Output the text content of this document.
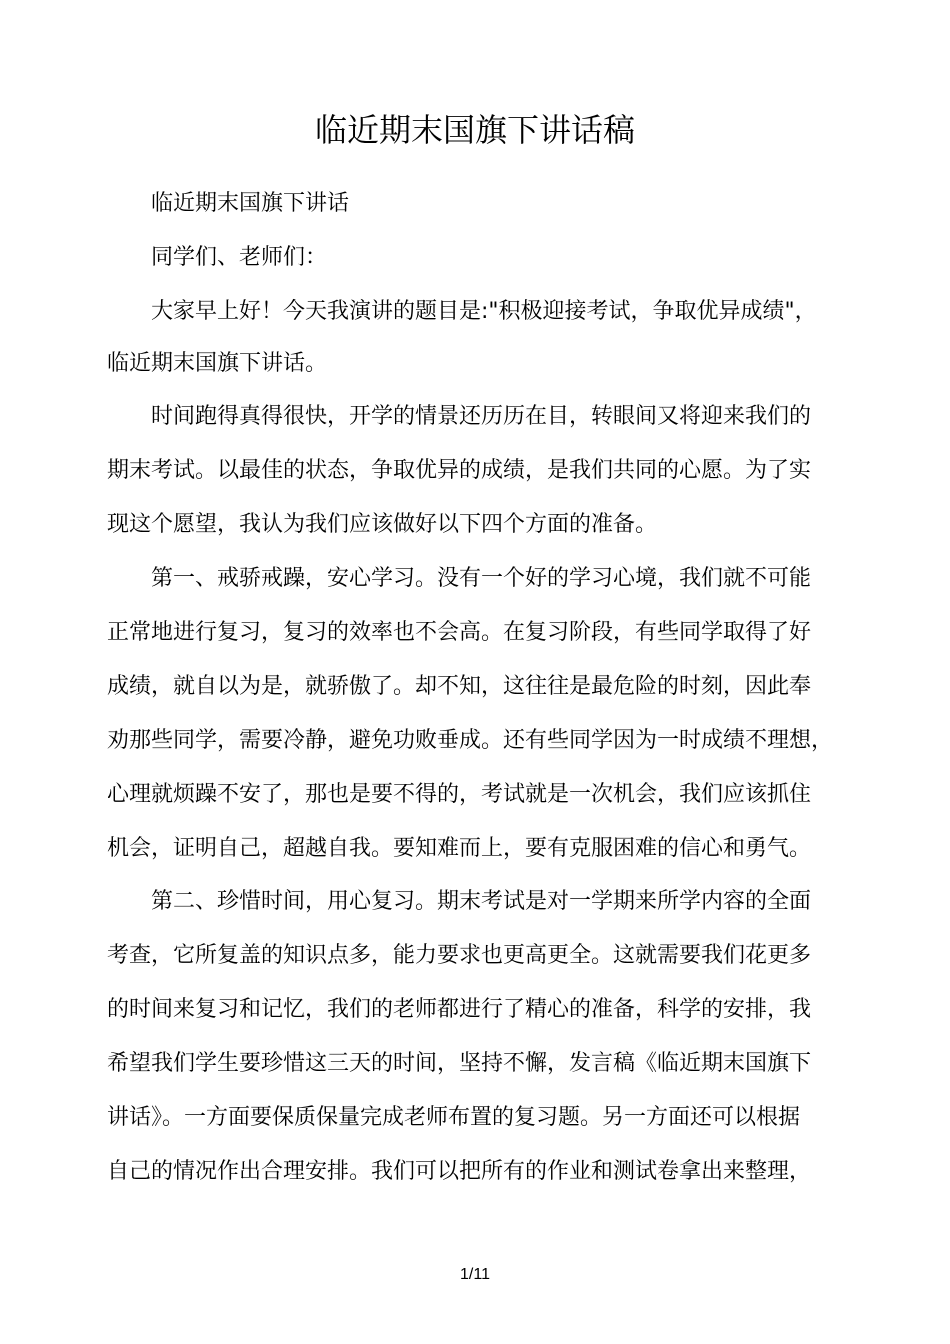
临近期末国旗下讲话稿

　　临近期末国旗下讲话

　　同学们、老师们：

　　大家早上好！今天我演讲的题目是:"积极迎接考试，争取优异成绩"，

临近期末国旗下讲话。

　　时间跑得真得很快，开学的情景还历历在目，转眼间又将迎来我们的

期末考试。以最佳的状态，争取优异的成绩，是我们共同的心愿。为了实

现这个愿望，我认为我们应该做好以下四个方面的准备。

　　第一、戒骄戒躁，安心学习。没有一个好的学习心境，我们就不可能

正常地进行复习，复习的效率也不会高。在复习阶段，有些同学取得了好

成绩，就自以为是，就骄傲了。却不知，这往往是最危险的时刻，因此奉

劝那些同学，需要冷静，避免功败垂成。还有些同学因为一时成绩不理想，

心理就烦躁不安了，那也是要不得的，考试就是一次机会，我们应该抓住

机会，证明自己，超越自我。要知难而上，要有克服困难的信心和勇气。

　　第二、珍惜时间，用心复习。期末考试是对一学期来所学内容的全面

考查，它所复盖的知识点多，能力要求也更高更全。这就需要我们花更多

的时间来复习和记忆，我们的老师都进行了精心的准备，科学的安排，我

希望我们学生要珍惜这三天的时间，坚持不懈，发言稿《临近期末国旗下

讲话》。一方面要保质保量完成老师布置的复习题。另一方面还可以根据

自己的情况作出合理安排。我们可以把所有的作业和测试卷拿出来整理，

1/11
